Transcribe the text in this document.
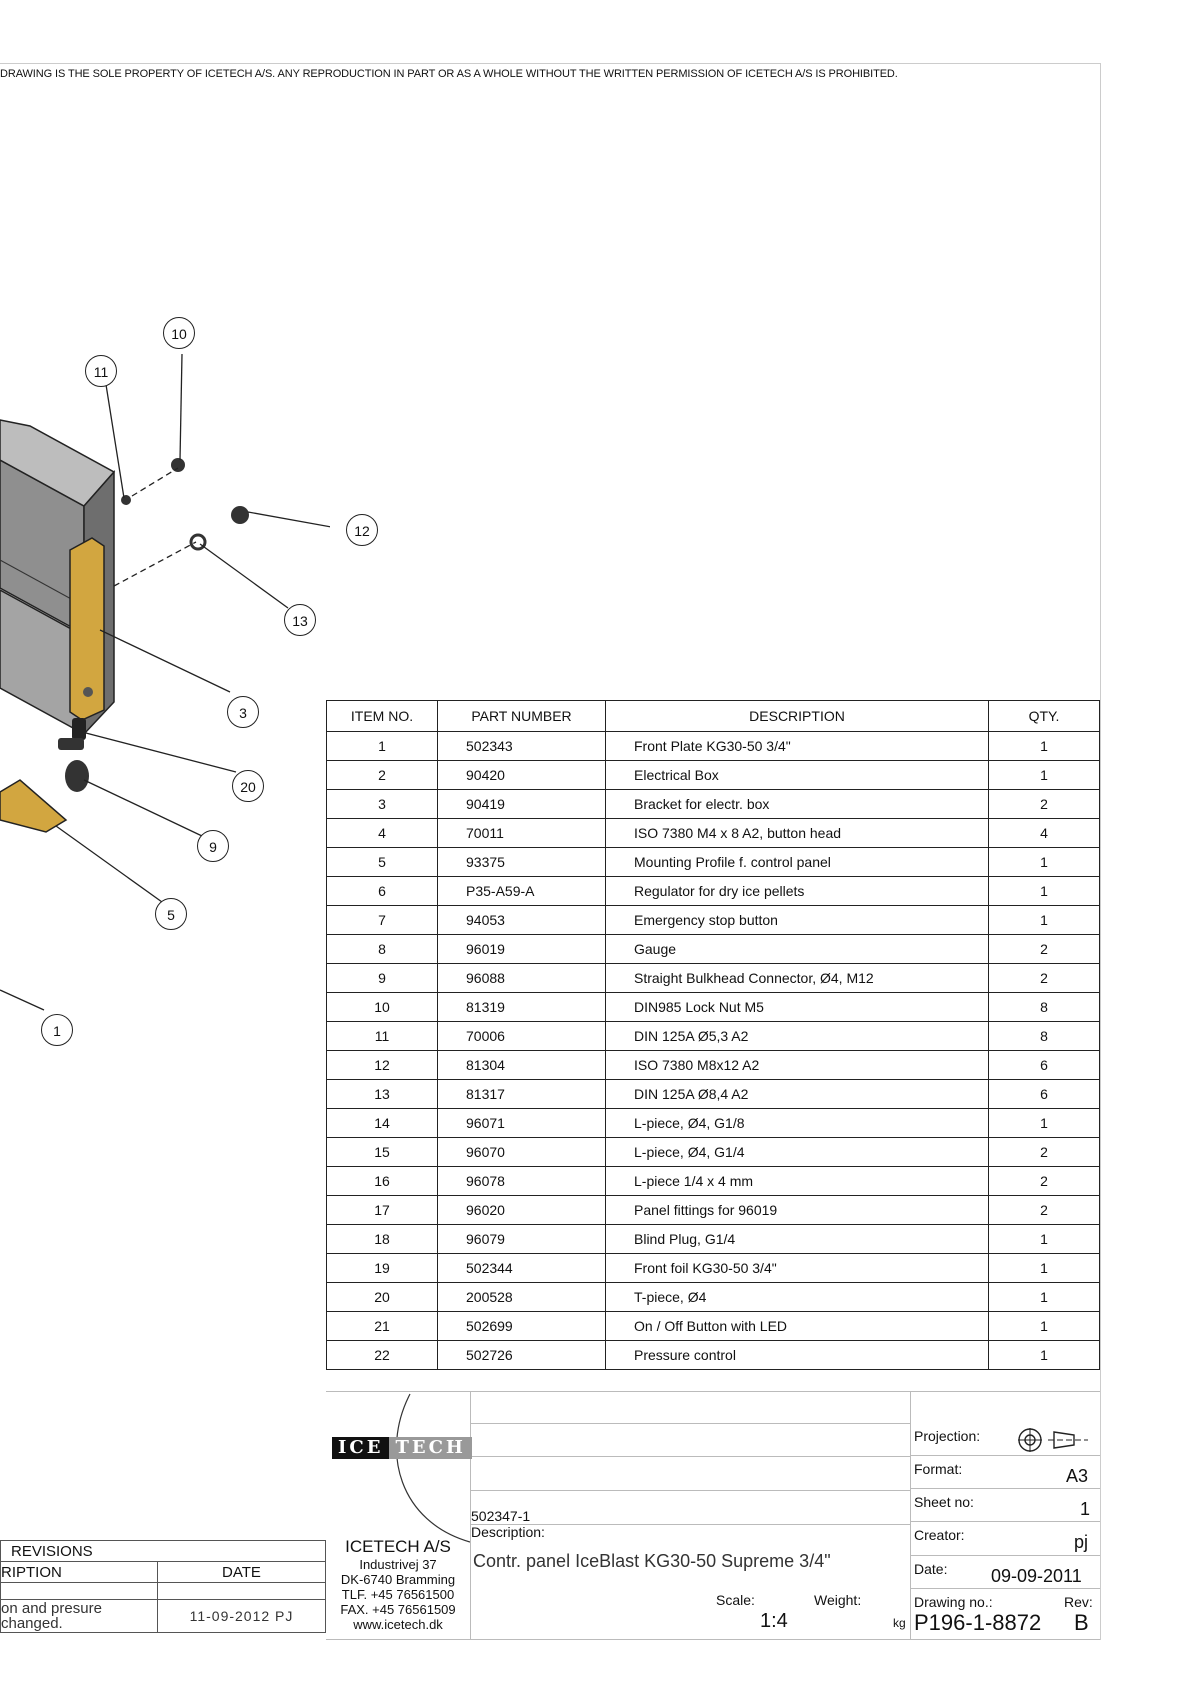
DRAWING IS THE SOLE PROPERTY OF ICETECH A/S. ANY REPRODUCTION IN PART OR AS A WHOLE WITHOUT THE WRITTEN PERMISSION OF ICETECH A/S IS PROHIBITED.
10
11
12
13
3
20
9
5
1
ITEM NO.	PART NUMBER	DESCRIPTION	QTY.
1	502343	Front Plate KG30-50 3/4"	1
2	90420	Electrical Box	1
3	90419	Bracket for electr. box	2
4	70011	ISO 7380 M4 x 8 A2, button head	4
5	93375	Mounting Profile f. control panel	1
6	P35-A59-A	Regulator for dry ice pellets	1
7	94053	Emergency stop button	1
8	96019	Gauge	2
9	96088	Straight Bulkhead Connector, Ø4, M12	2
10	81319	DIN985 Lock Nut M5	8
11	70006	DIN 125A Ø5,3 A2	8
12	81304	ISO 7380 M8x12 A2	6
13	81317	DIN 125A Ø8,4 A2	6
14	96071	L-piece, Ø4, G1/8	1
15	96070	L-piece, Ø4, G1/4	2
16	96078	L-piece 1/4 x 4 mm	2
17	96020	Panel fittings for 96019	2
18	96079	Blind Plug, G1/4	1
19	502344	Front foil KG30-50 3/4"	1
20	200528	T-piece, Ø4	1
21	502699	On / Off Button with LED	1
22	502726	Pressure control	1
ICE TECH
ICETECH A/S
Industrivej 37
DK-6740 Bramming
TLF. +45 76561500
FAX. +45 76561509
www.icetech.dk
502347-1
Description:
Contr. panel IceBlast KG30-50 Supreme 3/4"
Scale:
1:4
Weight:
kg
Projection:
Format:	A3
Sheet no:	1
Creator:	pj
Date: 09-09-2011
Drawing no.:
P196-1-8872
Rev:
B
REVISIONS	
RIPTION	DATE

on and presure changed.	11-09-2012 PJ
